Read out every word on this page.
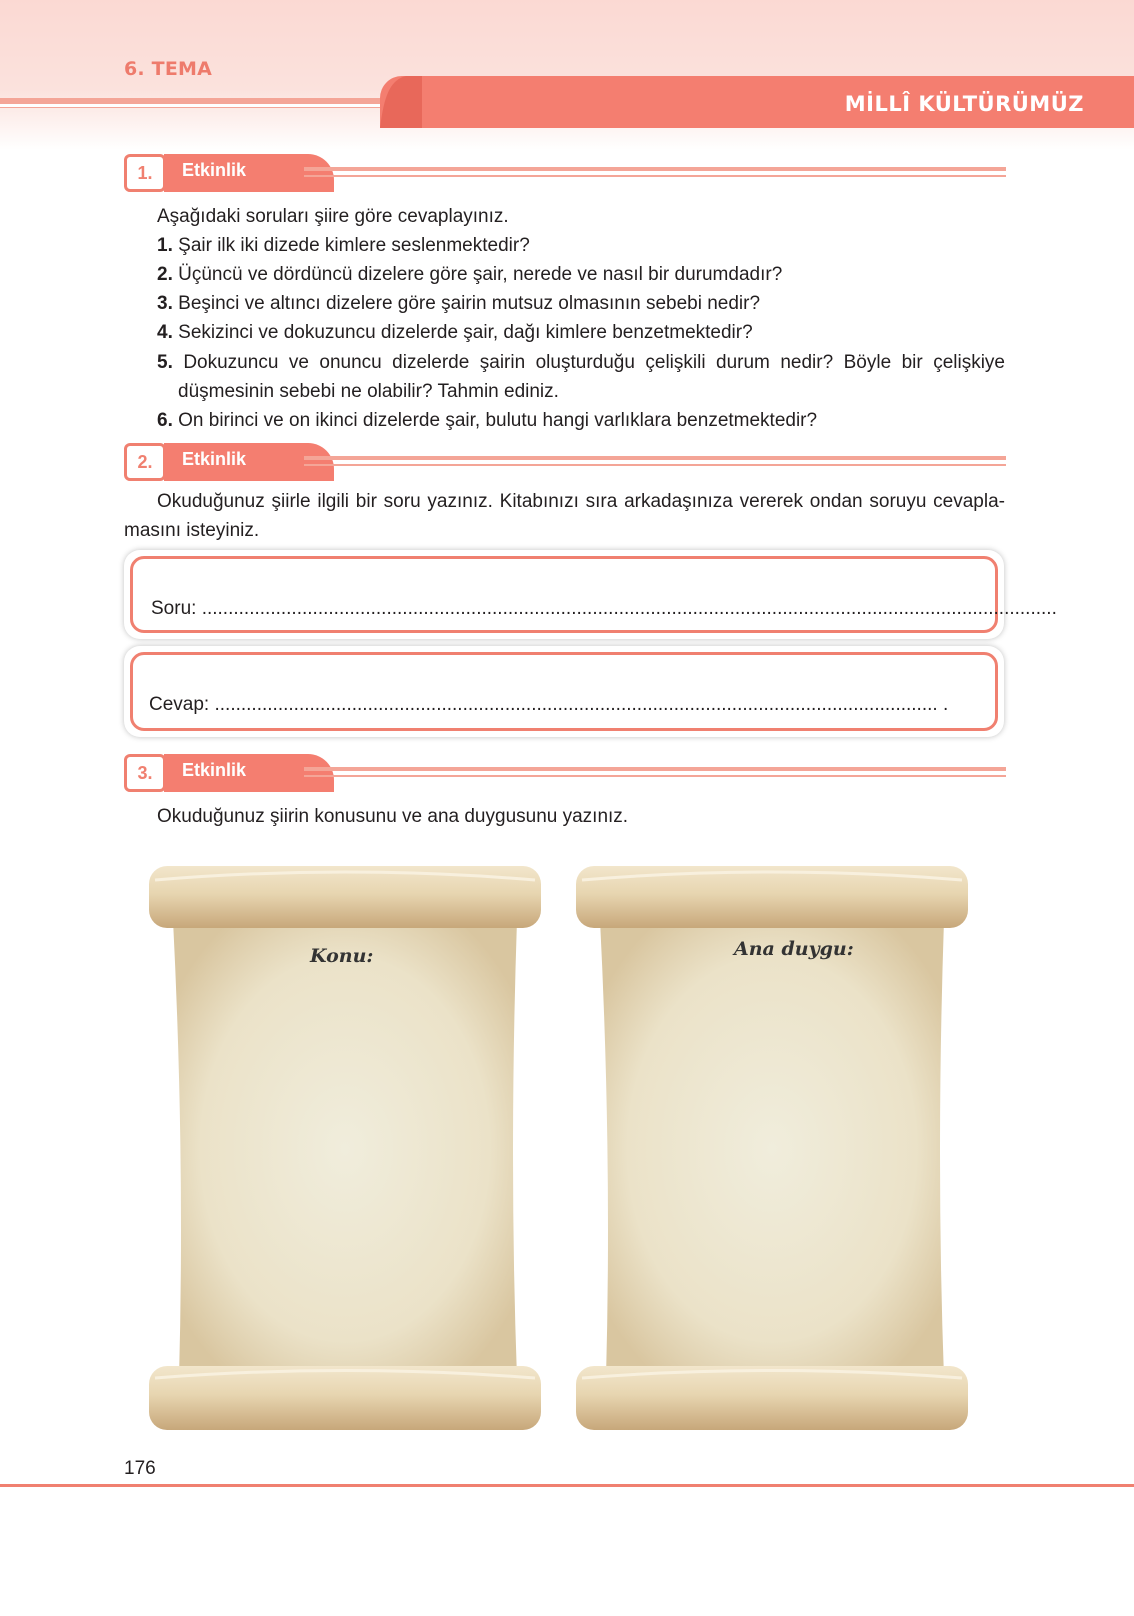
6. TEMA
MİLLÎ KÜLTÜRÜMÜZ
1.	Etkinlik
Aşağıdaki soruları şiire göre cevaplayınız.
1. Şair ilk iki dizede kimlere seslenmektedir?
2. Üçüncü ve dördüncü dizelere göre şair, nerede ve nasıl bir durumdadır?
3. Beşinci ve altıncı dizelere göre şairin mutsuz olmasının sebebi nedir?
4. Sekizinci ve dokuzuncu dizelerde şair, dağı kimlere benzetmektedir?
5. Dokuzuncu ve onuncu dizelerde şairin oluşturduğu çelişkili durum nedir? Böyle bir çelişkiye
düşmesinin sebebi ne olabilir? Tahmin ediniz.
6. On birinci ve on ikinci dizelerde şair, bulutu hangi varlıklara benzetmektedir?
2.	Etkinlik
Okuduğunuz şiirle ilgili bir soru yazınız. Kitabınızı sıra arkadaşınıza vererek ondan soruyu cevapla-
masını isteyiniz.
Soru: ..................................................................................................................................................................
Cevap: ......................................................................................................................................... .
3.	Etkinlik
Okuduğunuz şiirin konusunu ve ana duygusunu yazınız.
Konu:	Ana duygu:
176
